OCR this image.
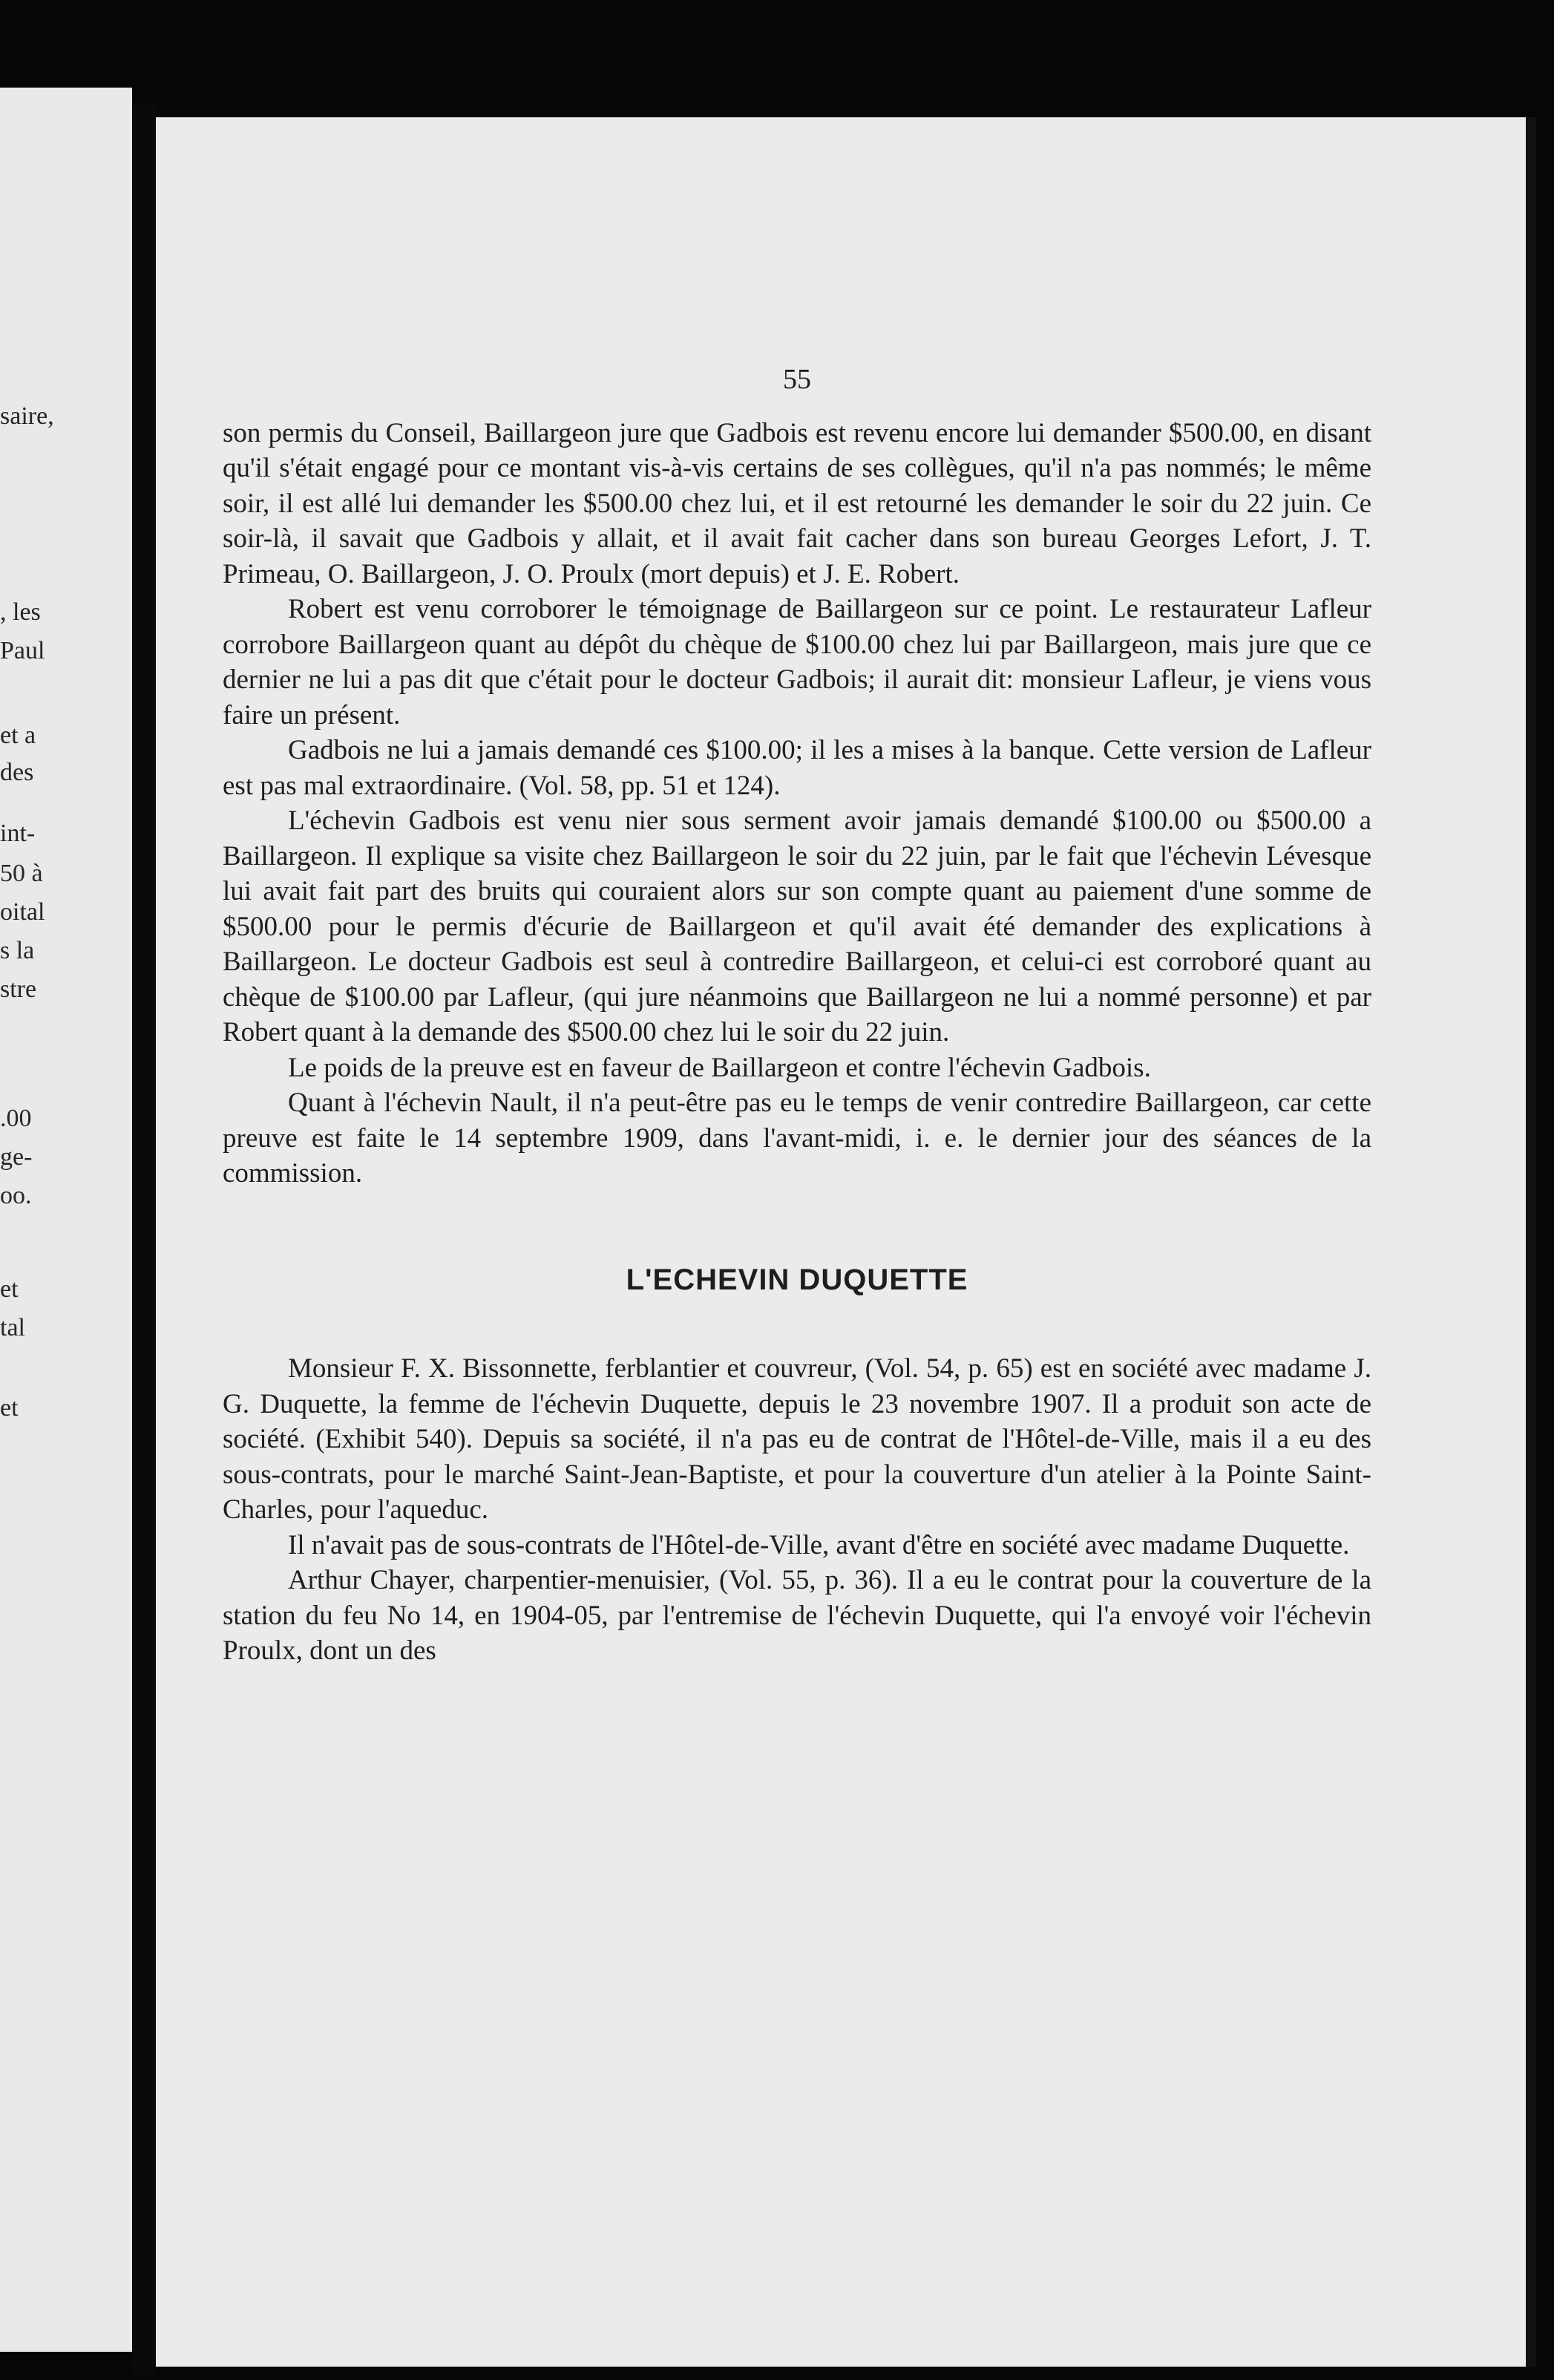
saire,
, les
Paul
et a
des
int-
50 à
oital
s la
stre
.00
ge-
oo.
et
tal
et
55

son permis du Conseil, Baillargeon jure que Gadbois est revenu encore lui demander $500.00, en disant qu'il s'était engagé pour ce montant vis-à-vis certains de ses collègues, qu'il n'a pas nommés; le même soir, il est allé lui demander les $500.00 chez lui, et il est retourné les demander le soir du 22 juin. Ce soir-là, il savait que Gadbois y allait, et il avait fait cacher dans son bureau Georges Lefort, J. T. Primeau, O. Baillargeon, J. O. Proulx (mort depuis) et J. E. Robert.

Robert est venu corroborer le témoignage de Baillargeon sur ce point. Le restaurateur Lafleur corrobore Baillargeon quant au dépôt du chèque de $100.00 chez lui par Baillargeon, mais jure que ce dernier ne lui a pas dit que c'était pour le docteur Gadbois; il aurait dit: monsieur Lafleur, je viens vous faire un présent.

Gadbois ne lui a jamais demandé ces $100.00; il les a mises à la banque. Cette version de Lafleur est pas mal extraordinaire. (Vol. 58, pp. 51 et 124).

L'échevin Gadbois est venu nier sous serment avoir jamais demandé $100.00 ou $500.00 a Baillargeon. Il explique sa visite chez Baillargeon le soir du 22 juin, par le fait que l'échevin Lévesque lui avait fait part des bruits qui couraient alors sur son compte quant au paiement d'une somme de $500.00 pour le permis d'écurie de Baillargeon et qu'il avait été demander des explications à Baillargeon. Le docteur Gadbois est seul à contredire Baillargeon, et celui-ci est corroboré quant au chèque de $100.00 par Lafleur, (qui jure néanmoins que Baillargeon ne lui a nommé personne) et par Robert quant à la demande des $500.00 chez lui le soir du 22 juin.

Le poids de la preuve est en faveur de Baillargeon et contre l'échevin Gadbois.

Quant à l'échevin Nault, il n'a peut-être pas eu le temps de venir contredire Baillargeon, car cette preuve est faite le 14 septembre 1909, dans l'avant-midi, i. e. le dernier jour des séances de la commission.

L'ECHEVIN DUQUETTE

Monsieur F. X. Bissonnette, ferblantier et couvreur, (Vol. 54, p. 65) est en société avec madame J. G. Duquette, la femme de l'échevin Duquette, depuis le 23 novembre 1907. Il a produit son acte de société. (Exhibit 540). Depuis sa société, il n'a pas eu de contrat de l'Hôtel-de-Ville, mais il a eu des sous-contrats, pour le marché Saint-Jean-Baptiste, et pour la couverture d'un atelier à la Pointe Saint-Charles, pour l'aqueduc.

Il n'avait pas de sous-contrats de l'Hôtel-de-Ville, avant d'être en société avec madame Duquette.

Arthur Chayer, charpentier-menuisier, (Vol. 55, p. 36). Il a eu le contrat pour la couverture de la station du feu No 14, en 1904-05, par l'entremise de l'échevin Duquette, qui l'a envoyé voir l'échevin Proulx, dont un des
